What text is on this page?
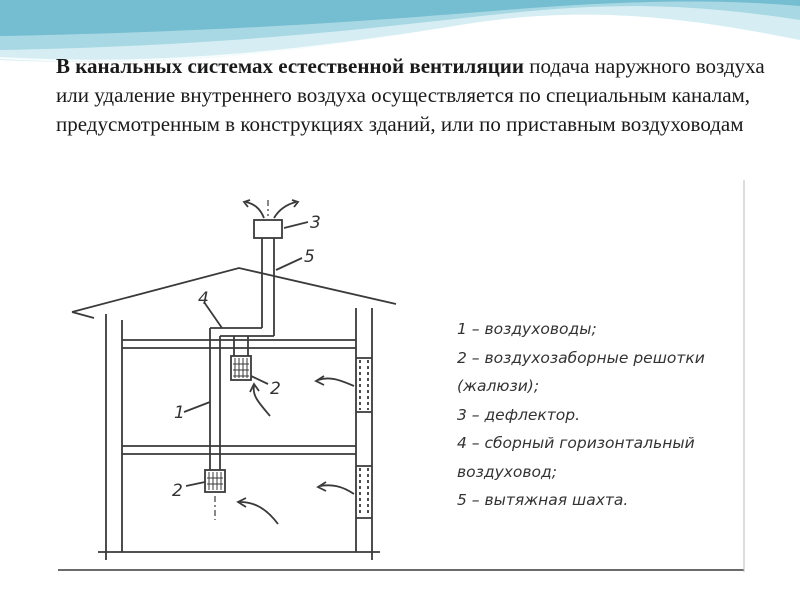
В канальных системах естественной вентиляции подача наружного воздуха или удаление внутреннего воздуха осуществляется по специальным каналам, предусмотренным в конструкциях зданий, или по приставным воздуховодам
1
2
2
3
4
5
1 – воздуховоды;
2 – воздухозаборные решотки
(жалюзи);
3 – дефлектор.
4 – сборный горизонтальный
воздуховод;
5 – вытяжная шахта.
